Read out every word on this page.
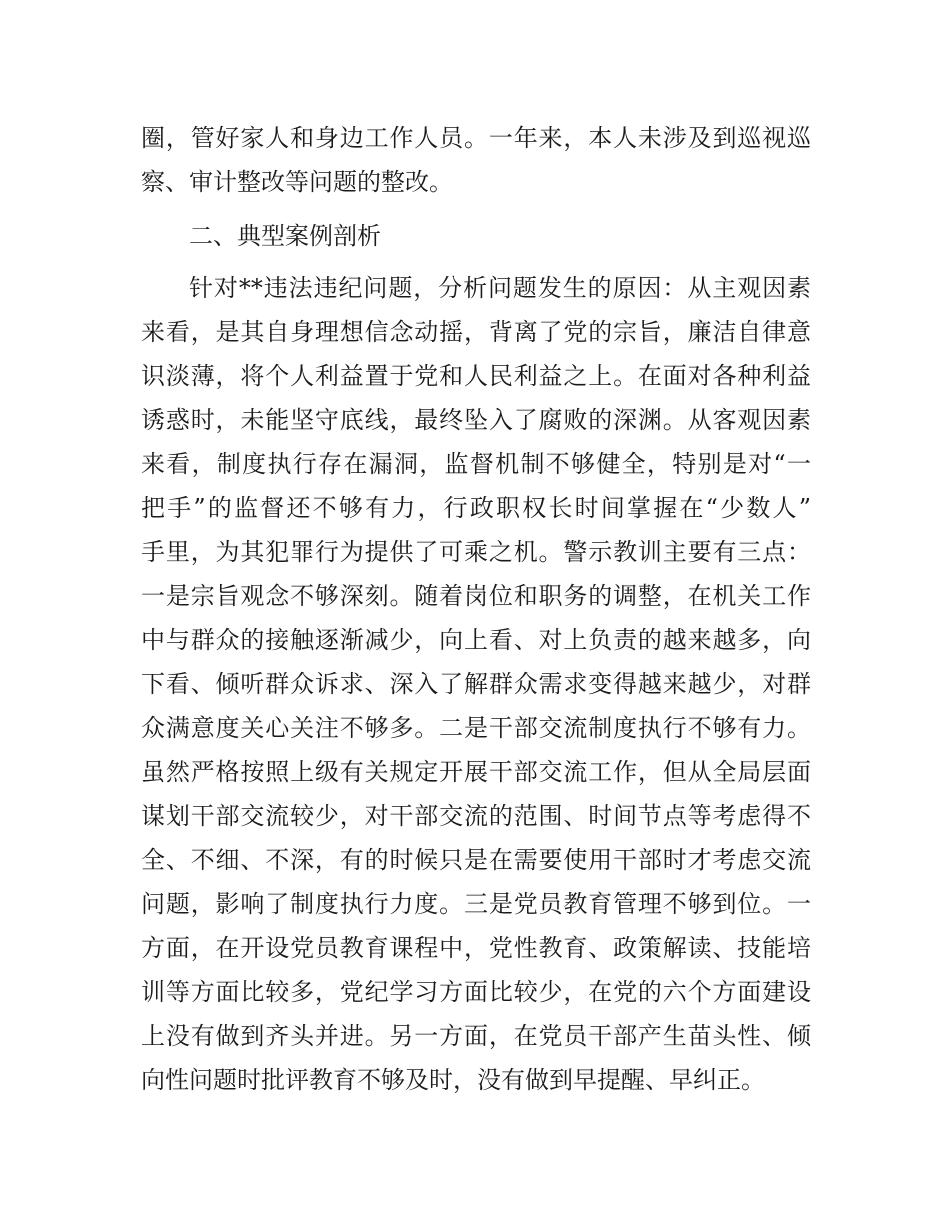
圈，管好家人和身边工作人员。一年来，本人未涉及到巡视巡
察、审计整改等问题的整改。
二、典型案例剖析
针对**违法违纪问题，分析问题发生的原因：从主观因素
来看，是其自身理想信念动摇，背离了党的宗旨，廉洁自律意
识淡薄，将个人利益置于党和人民利益之上。在面对各种利益
诱惑时，未能坚守底线，最终坠入了腐败的深渊。从客观因素
来看，制度执行存在漏洞，监督机制不够健全，特别是对“一
把手”的监督还不够有力，行政职权长时间掌握在“少数人”
手里，为其犯罪行为提供了可乘之机。警示教训主要有三点：
一是宗旨观念不够深刻。随着岗位和职务的调整，在机关工作
中与群众的接触逐渐减少，向上看、对上负责的越来越多，向
下看、倾听群众诉求、深入了解群众需求变得越来越少，对群
众满意度关心关注不够多。二是干部交流制度执行不够有力。
虽然严格按照上级有关规定开展干部交流工作，但从全局层面
谋划干部交流较少，对干部交流的范围、时间节点等考虑得不
全、不细、不深，有的时候只是在需要使用干部时才考虑交流
问题，影响了制度执行力度。三是党员教育管理不够到位。一
方面，在开设党员教育课程中，党性教育、政策解读、技能培
训等方面比较多，党纪学习方面比较少，在党的六个方面建设
上没有做到齐头并进。另一方面，在党员干部产生苗头性、倾
向性问题时批评教育不够及时，没有做到早提醒、早纠正。
